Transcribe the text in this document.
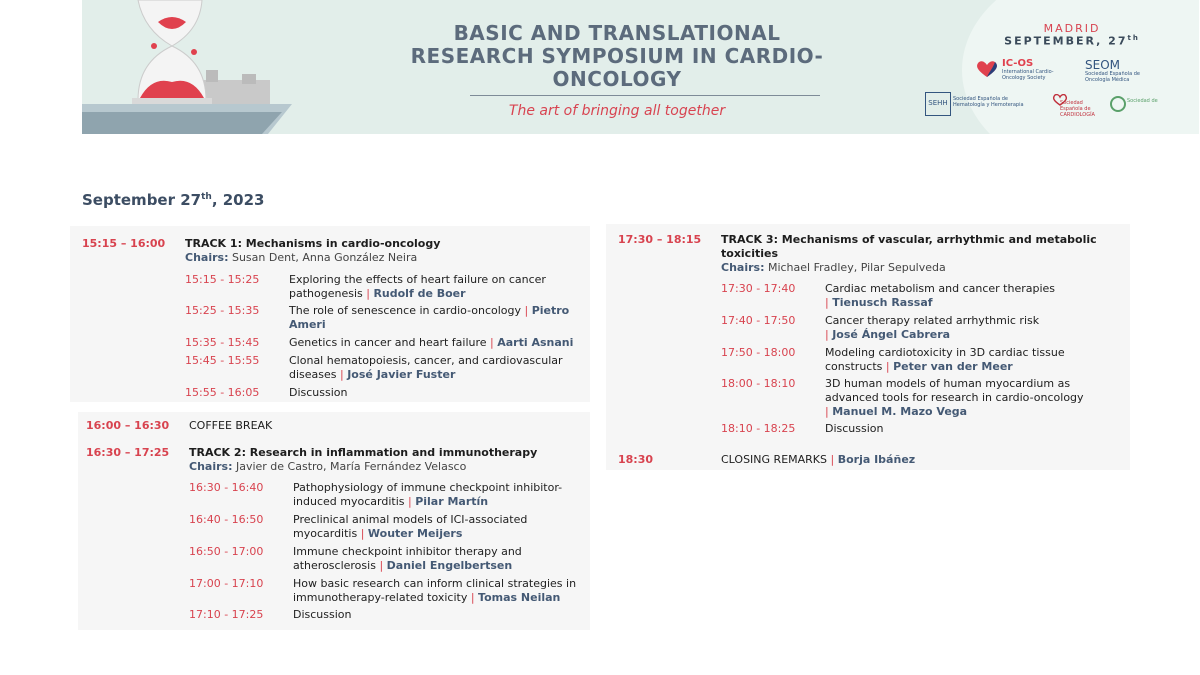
BASIC AND TRANSLATIONAL RESEARCH SYMPOSIUM IN CARDIO-ONCOLOGY
The art of bringing all together
MADRID
SEPTEMBER, 27th
IC-OS
International Cardio-Oncology Society
SEOM
Sociedad Española de Oncología Médica
SEHH	Sociedad Española de Hematología y Hemoterapia	Sociedad Española de CARDIOLOGÍA
Sociedad de
September 27th, 2023
15:15 – 16:00 TRACK 1: Mechanisms in cardio-oncology
Chairs: Susan Dent, Anna González Neira
15:15 - 15:25	Exploring the effects of heart failure on cancer pathogenesis | Rudolf de Boer
15:25 - 15:35	The role of senescence in cardio-oncology | Pietro Ameri
15:35 - 15:45	Genetics in cancer and heart failure | Aarti Asnani
15:45 - 15:55	Clonal hematopoiesis, cancer, and cardiovascular diseases | José Javier Fuster
15:55 - 16:05	Discussion
16:00 – 16:30 COFFEE BREAK
16:30 – 17:25 TRACK 2: Research in inflammation and immunotherapy
Chairs: Javier de Castro, María Fernández Velasco
16:30 - 16:40	Pathophysiology of immune checkpoint inhibitor-induced myocarditis | Pilar Martín
16:40 - 16:50	Preclinical animal models of ICI-associated myocarditis | Wouter Meijers
16:50 - 17:00	Immune checkpoint inhibitor therapy and atherosclerosis | Daniel Engelbertsen
17:00 - 17:10	How basic research can inform clinical strategies in immunotherapy-related toxicity | Tomas Neilan
17:10 - 17:25	Discussion
17:30 – 18:15 TRACK 3: Mechanisms of vascular, arrhythmic and metabolic toxicities
Chairs: Michael Fradley, Pilar Sepulveda
17:30 - 17:40	Cardiac metabolism and cancer therapies
| Tienusch Rassaf
17:40 - 17:50	Cancer therapy related arrhythmic risk
| José Ángel Cabrera
17:50 - 18:00	Modeling cardiotoxicity in 3D cardiac tissue constructs | Peter van der Meer
18:00 - 18:10	3D human models of human myocardium as advanced tools for research in cardio-oncology
| Manuel M. Mazo Vega
18:10 - 18:25	Discussion
18:30	CLOSING REMARKS | Borja Ibáñez
